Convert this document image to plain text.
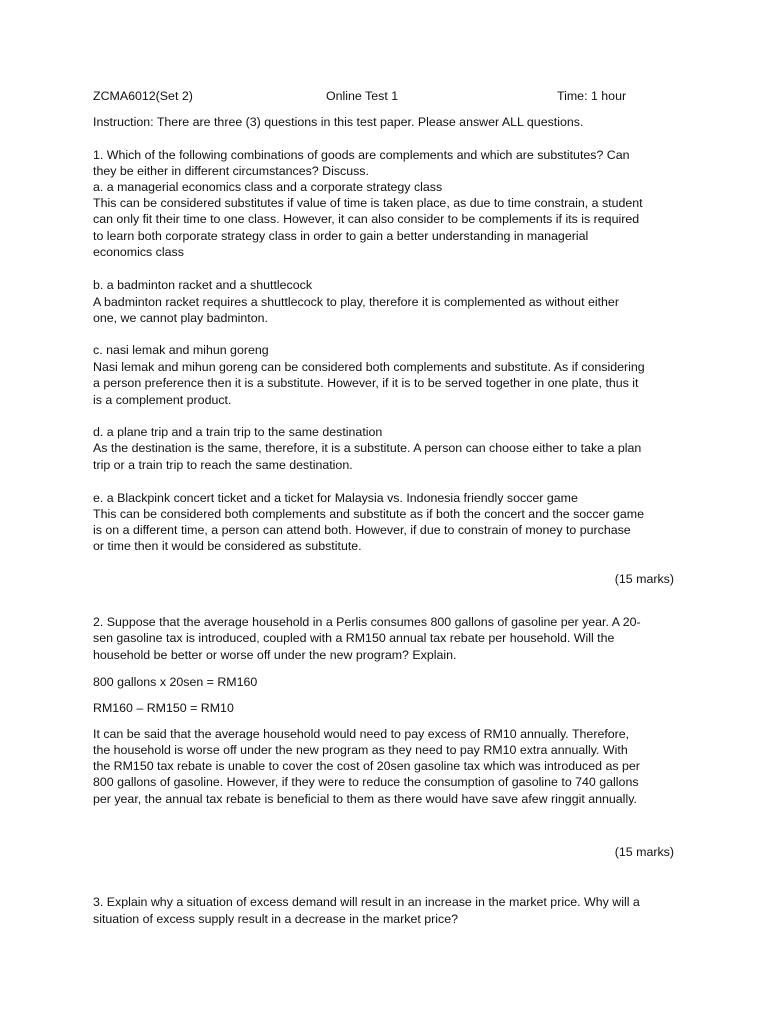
ZCMA6012(Set 2)	Online Test 1	Time: 1 hour
Instruction: There are three (3) questions in this test paper. Please answer ALL questions.
1. Which of the following combinations of goods are complements and which are substitutes? Can
they be either in different circumstances? Discuss.
a. a managerial economics class and a corporate strategy class
This can be considered substitutes if value of time is taken place, as due to time constrain, a student
can only fit their time to one class. However, it can also consider to be complements if its is required
to learn both corporate strategy class in order to gain a better understanding in managerial
economics class
b. a badminton racket and a shuttlecock
A badminton racket requires a shuttlecock to play, therefore it is complemented as without either
one, we cannot play badminton.
c. nasi lemak and mihun goreng
Nasi lemak and mihun goreng can be considered both complements and substitute. As if considering
a person preference then it is a substitute. However, if it is to be served together in one plate, thus it
is a complement product.
d. a plane trip and a train trip to the same destination
As the destination is the same, therefore, it is a substitute. A person can choose either to take a plan
trip or a train trip to reach the same destination.
e. a Blackpink concert ticket and a ticket for Malaysia vs. Indonesia friendly soccer game
This can be considered both complements and substitute as if both the concert and the soccer game
is on a different time, a person can attend both. However, if due to constrain of money to purchase
or time then it would be considered as substitute.
(15 marks)
2. Suppose that the average household in a Perlis consumes 800 gallons of gasoline per year. A 20-
sen gasoline tax is introduced, coupled with a RM150 annual tax rebate per household. Will the
household be better or worse off under the new program? Explain.
800 gallons x 20sen = RM160
RM160 – RM150 = RM10
It can be said that the average household would need to pay excess of RM10 annually. Therefore,
the household is worse off under the new program as they need to pay RM10 extra annually. With
the RM150 tax rebate is unable to cover the cost of 20sen gasoline tax which was introduced as per
800 gallons of gasoline. However, if they were to reduce the consumption of gasoline to 740 gallons
per year, the annual tax rebate is beneficial to them as there would have save afew ringgit annually.
(15 marks)
3. Explain why a situation of excess demand will result in an increase in the market price. Why will a
situation of excess supply result in a decrease in the market price?
